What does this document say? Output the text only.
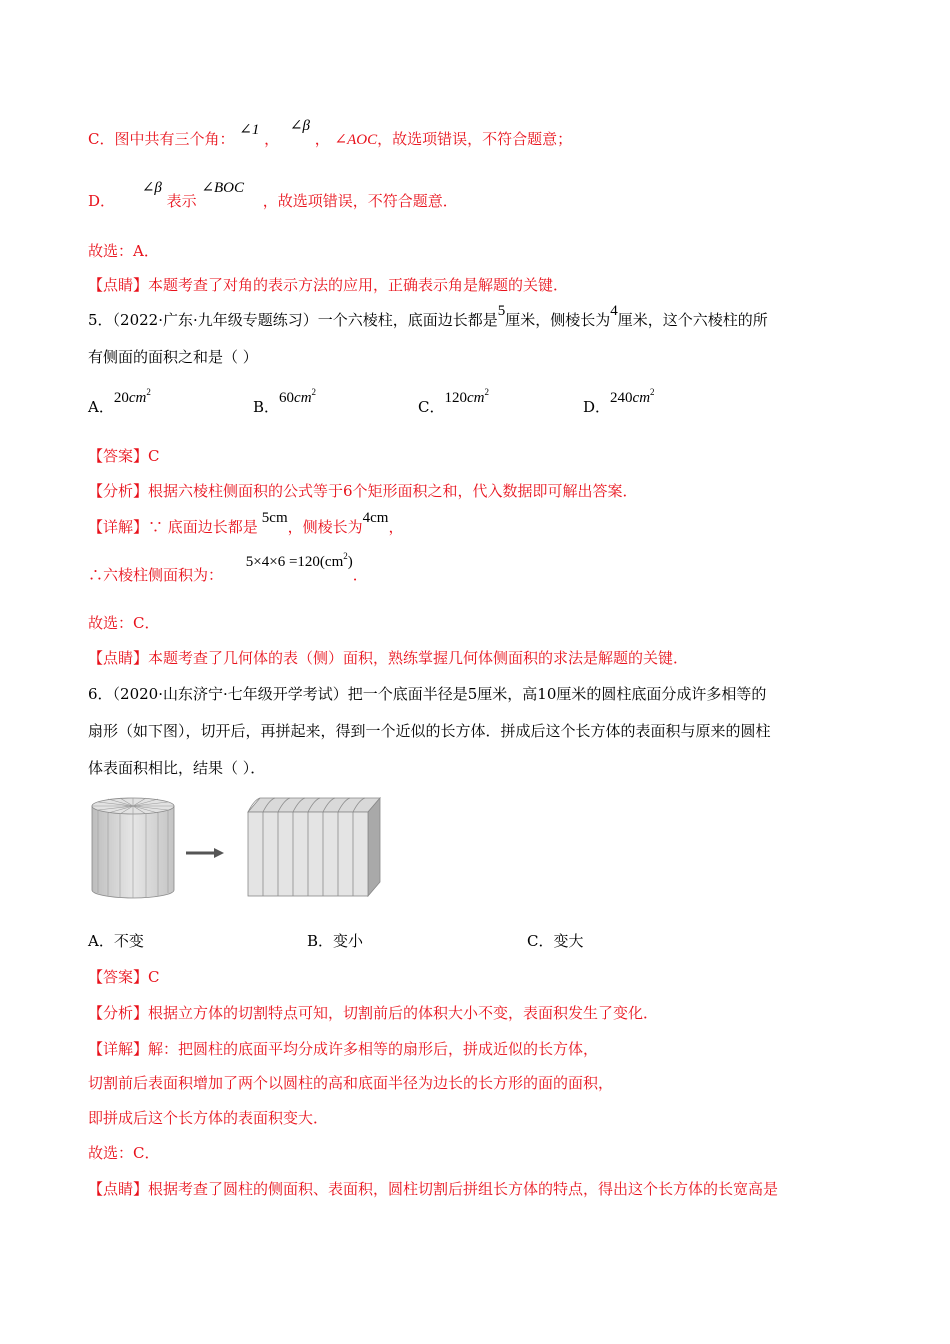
C．图中共有三个角： ∠1 ， ∠β ， ∠AOC，故选项错误，不符合题意；
D． ∠β 表示 ∠BOC ，故选项错误，不符合题意．
故选：A．
【点睛】本题考查了对角的表示方法的应用，正确表示角是解题的关键．
5．（2022·广东·九年级专题练习）一个六棱柱，底面边长都是5厘米，侧棱长为4厘米，这个六棱柱的所
有侧面的面积之和是（ ）
A．$20cm^2$
B．$60cm^2$
C．$120cm^2$
D．$240cm^2$
【答案】C
【分析】根据六棱柱侧面积的公式等于6个矩形面积之和，代入数据即可解出答案．
【详解】∵ 底面边长都是 5cm，侧棱长为4cm，
∴六棱柱侧面积为： $5\times 4\times 6 =120(cm^2)$．
故选：C．
【点睛】本题考查了几何体的表（侧）面积，熟练掌握几何体侧面积的求法是解题的关键．
6．（2020·山东济宁·七年级开学考试）把一个底面半径是5厘米，高10厘米的圆柱底面分成许多相等的
扇形（如下图），切开后，再拼起来，得到一个近似的长方体．拼成后这个长方体的表面积与原来的圆柱
体表面积相比，结果（ ）．
A．不变	B．变小	C．变大
【答案】C
【分析】根据立方体的切割特点可知，切割前后的体积大小不变，表面积发生了变化．
【详解】解：把圆柱的底面平均分成许多相等的扇形后，拼成近似的长方体，
切割前后表面积增加了两个以圆柱的高和底面半径为边长的长方形的面的面积，
即拼成后这个长方体的表面积变大．
故选：C．
【点睛】根据考查了圆柱的侧面积、表面积，圆柱切割后拼组长方体的特点，得出这个长方体的长宽高是
